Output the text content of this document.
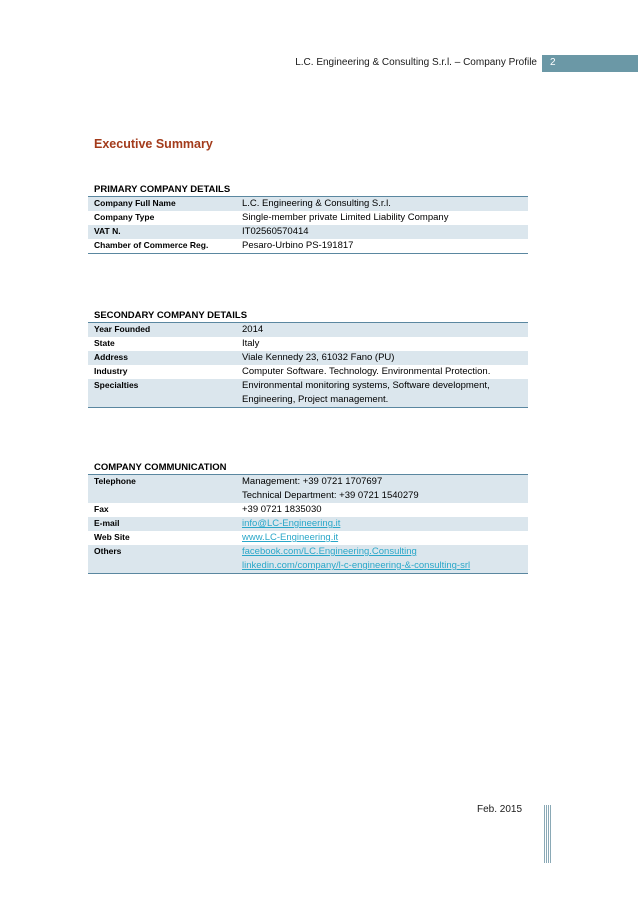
L.C. Engineering & Consulting S.r.l. – Company Profile 2
Executive Summary
PRIMARY COMPANY DETAILS
Company Full Name	L.C. Engineering & Consulting S.r.l.
Company Type	Single-member private Limited Liability Company
VAT N.	IT02560570414
Chamber of Commerce Reg.	Pesaro-Urbino PS-191817
SECONDARY COMPANY DETAILS
Year Founded	2014
State	Italy
Address	Viale Kennedy 23, 61032 Fano (PU)
Industry	Computer Software. Technology. Environmental Protection.
Specialties	Environmental monitoring systems, Software development,
Engineering, Project management.
COMPANY COMMUNICATION
Telephone	Management: +39 0721 1707697
Technical Department: +39 0721 1540279
Fax	+39 0721 1835030
E-mail	info@LC-Engineering.it
Web Site	www.LC-Engineering.it
Others	facebook.com/LC.Engineering.Consulting
linkedin.com/company/l-c-engineering-&-consulting-srl
Feb. 2015
